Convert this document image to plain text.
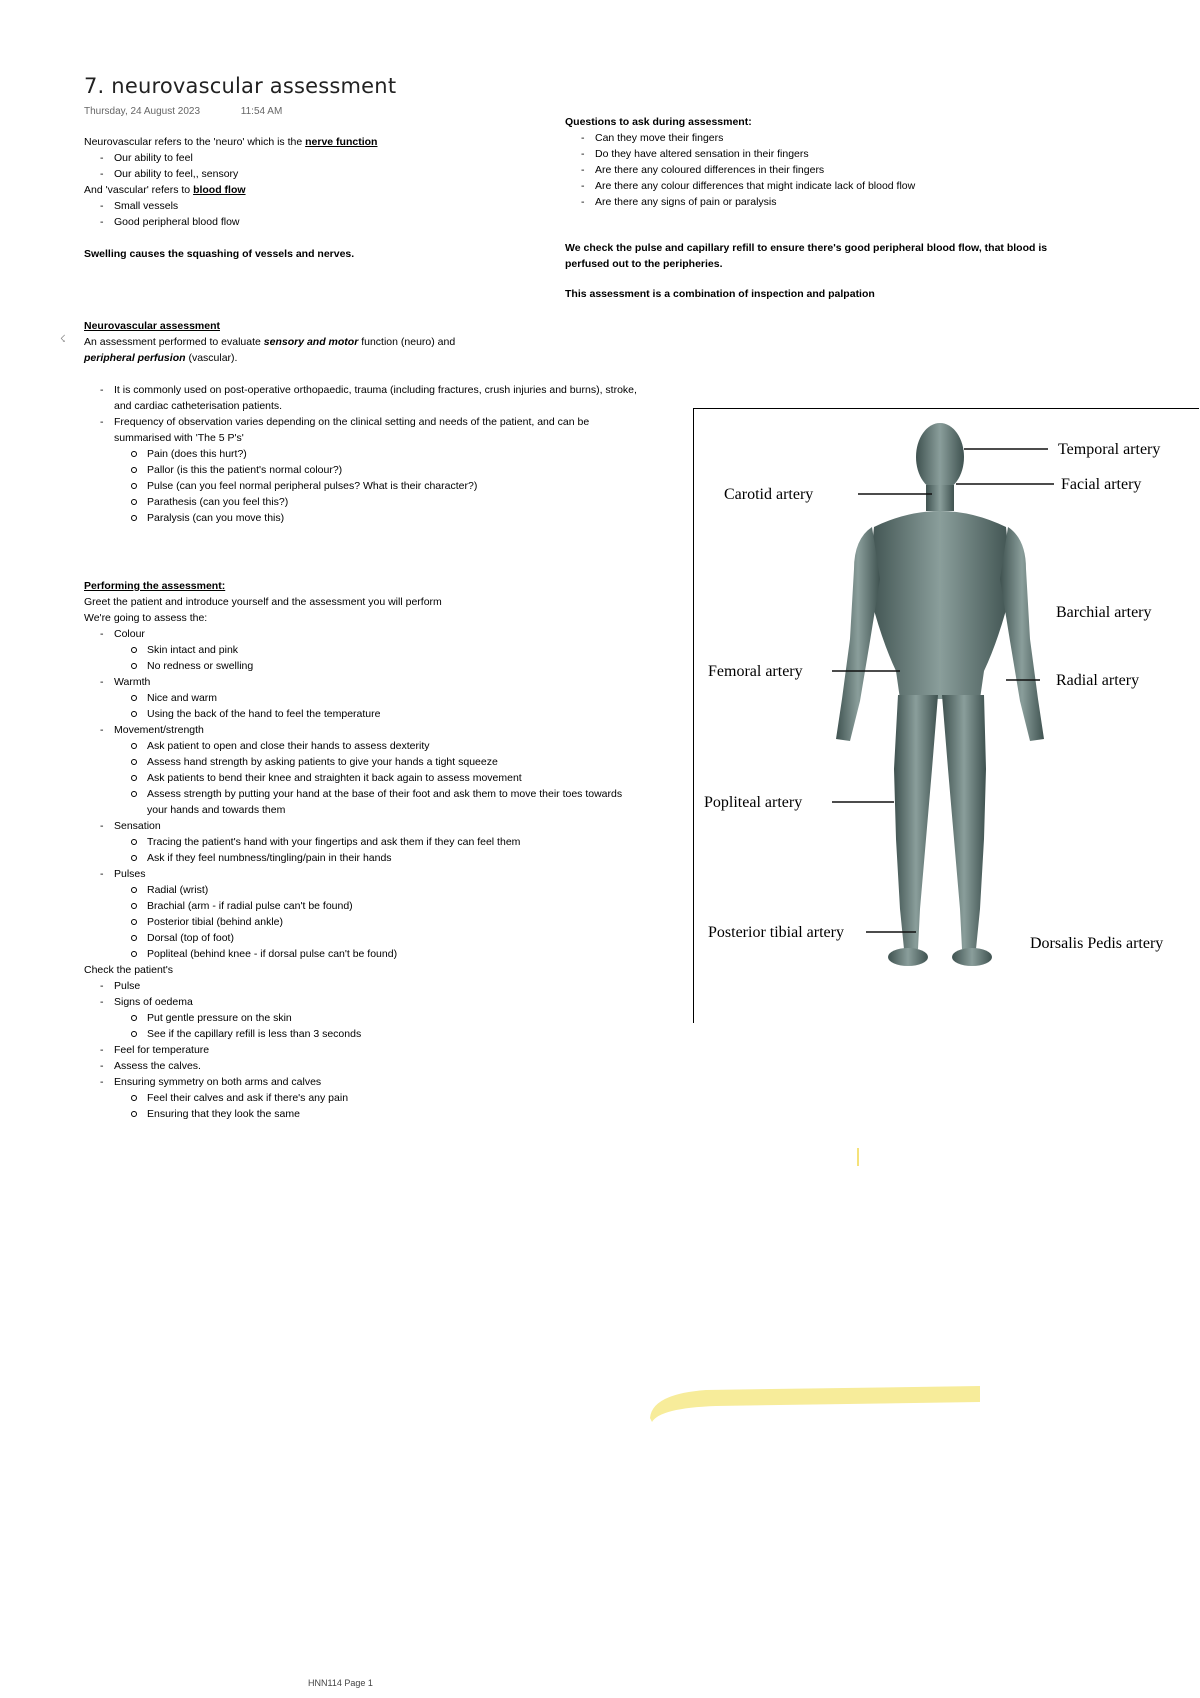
7. neurovascular assessment
Thursday, 24 August 2023	11:54 AM

Neurovascular refers to the 'neuro' which is the nerve function

- Our ability to feel
- Our ability to feel,, sensory

And 'vascular' refers to blood flow

- Small vessels
- Good peripheral blood flow

Swelling causes the squashing of vessels and nerves.

☇

Neurovascular assessment

An assessment performed to evaluate sensory and motor function (neuro) and
peripheral perfusion (vascular).

- It is commonly used on post-operative orthopaedic, trauma (including fractures, crush injuries and burns), stroke, and cardiac catheterisation patients.
- Frequency of observation varies depending on the clinical setting and needs of the patient, and can be summarised with 'The 5 P's'
Pain (does this hurt?)
Pallor (is this the patient's normal colour?)
Pulse (can you feel normal peripheral pulses? What is their character?)
Parathesis (can you feel this?)
Paralysis (can you move this)

Performing the assessment:

Greet the patient and introduce yourself and the assessment you will perform

We're going to assess the:

- Colour
Skin intact and pink
No redness or swelling
- Warmth
Nice and warm
Using the back of the hand to feel the temperature
- Movement/strength
Ask patient to open and close their hands to assess dexterity
Assess hand strength by asking patients to give your hands a tight squeeze
Ask patients to bend their knee and straighten it back again to assess movement
Assess strength by putting your hand at the base of their foot and ask them to move their toes towards your hands and towards them
- Sensation
Tracing the patient's hand with your fingertips and ask them if they can feel them
Ask if they feel numbness/tingling/pain in their hands
- Pulses
Radial (wrist)
Brachial (arm - if radial pulse can't be found)
Posterior tibial (behind ankle)
Dorsal (top of foot)
Popliteal (behind knee - if dorsal pulse can't be found)

Check the patient's

- Pulse
- Signs of oedema
Put gentle pressure on the skin
See if the capillary refill is less than 3 seconds
- Feel for temperature
- Assess the calves.
- Ensuring symmetry on both arms and calves
Feel their calves and ask if there's any pain
Ensuring that they look the same

Questions to ask during assessment:

- Can they move their fingers
- Do they have altered sensation in their fingers
- Are there any coloured differences in their fingers
- Are there any colour differences that might indicate lack of blood flow
- Are there any signs of pain or paralysis
We check the pulse and capillary refill to ensure there's good peripheral blood flow, that blood is perfused out to the peripheries.
This assessment is a combination of inspection and palpation
Temporal artery
Facial artery
Carotid artery
Barchial artery
Femoral artery
Radial artery
Popliteal artery
Posterior tibial artery
Dorsalis Pedis artery
HNN114 Page 1
